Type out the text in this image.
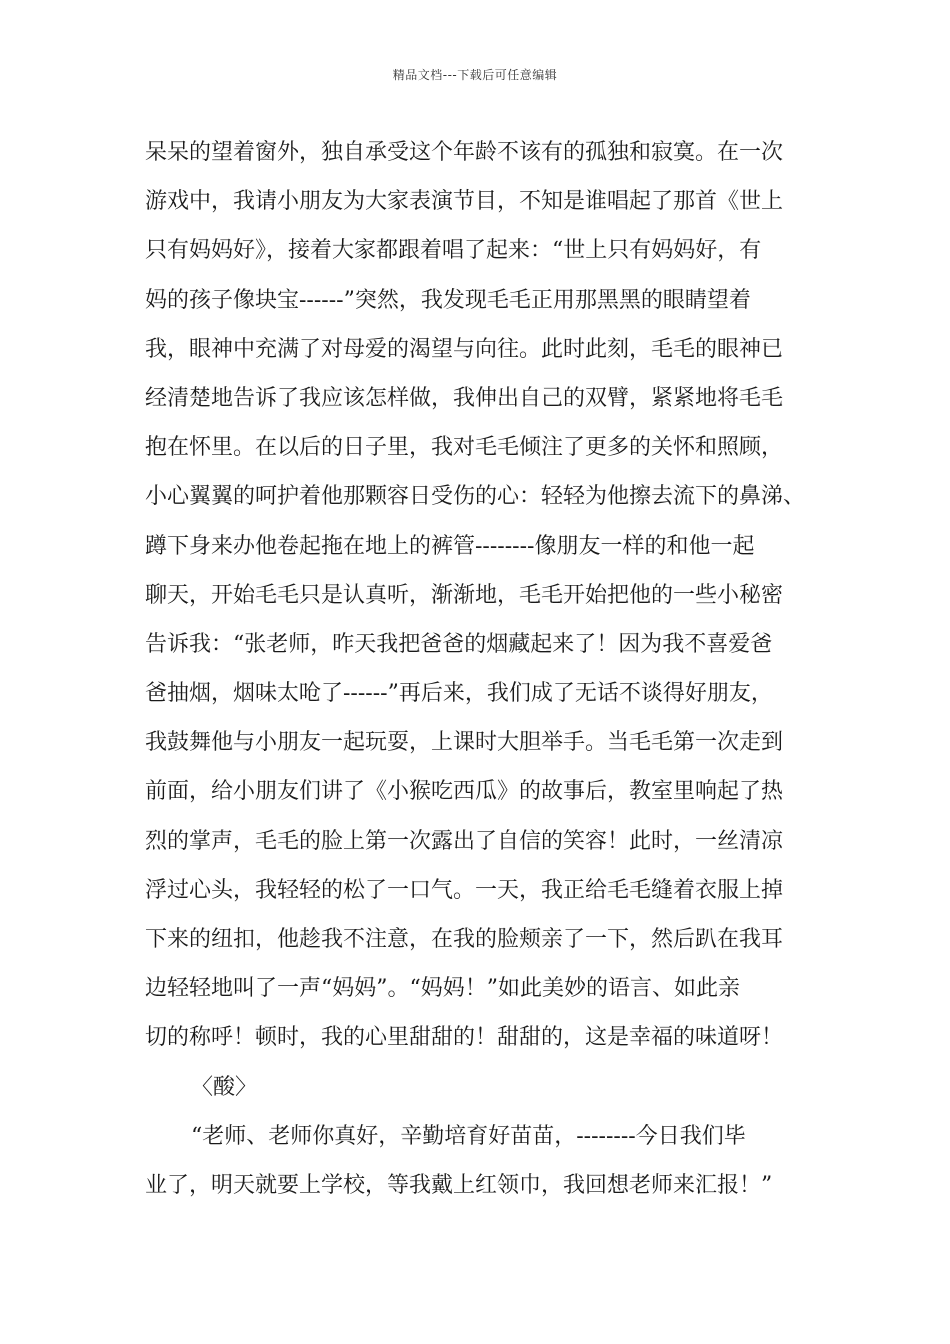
精品文档---下载后可任意编辑
呆呆的望着窗外，独自承受这个年龄不该有的孤独和寂寞。在一次
游戏中，我请小朋友为大家表演节目，不知是谁唱起了那首《世上
只有妈妈好》，接着大家都跟着唱了起来：“世上只有妈妈好，有
妈的孩子像块宝------”突然，我发现毛毛正用那黑黑的眼睛望着
我，眼神中充满了对母爱的渴望与向往。此时此刻，毛毛的眼神已
经清楚地告诉了我应该怎样做，我伸出自己的双臂，紧紧地将毛毛
抱在怀里。在以后的日子里，我对毛毛倾注了更多的关怀和照顾，
小心翼翼的呵护着他那颗容日受伤的心：轻轻为他擦去流下的鼻涕、
蹲下身来办他卷起拖在地上的裤管--------像朋友一样的和他一起
聊天，开始毛毛只是认真听，渐渐地，毛毛开始把他的一些小秘密
告诉我：“张老师，昨天我把爸爸的烟藏起来了！因为我不喜爱爸
爸抽烟，烟味太呛了------”再后来，我们成了无话不谈得好朋友，
我鼓舞他与小朋友一起玩耍，上课时大胆举手。当毛毛第一次走到
前面，给小朋友们讲了《小猴吃西瓜》的故事后，教室里响起了热
烈的掌声，毛毛的脸上第一次露出了自信的笑容！此时，一丝清凉
浮过心头，我轻轻的松了一口气。一天，我正给毛毛缝着衣服上掉
下来的纽扣，他趁我不注意，在我的脸颊亲了一下，然后趴在我耳
边轻轻地叫了一声“妈妈”。“妈妈！”如此美妙的语言、如此亲
切的称呼！顿时，我的心里甜甜的！甜甜的，这是幸福的味道呀！
〈酸〉
“老师、老师你真好，辛勤培育好苗苗，--------今日我们毕
业了，明天就要上学校，等我戴上红领巾，我回想老师来汇报！”
